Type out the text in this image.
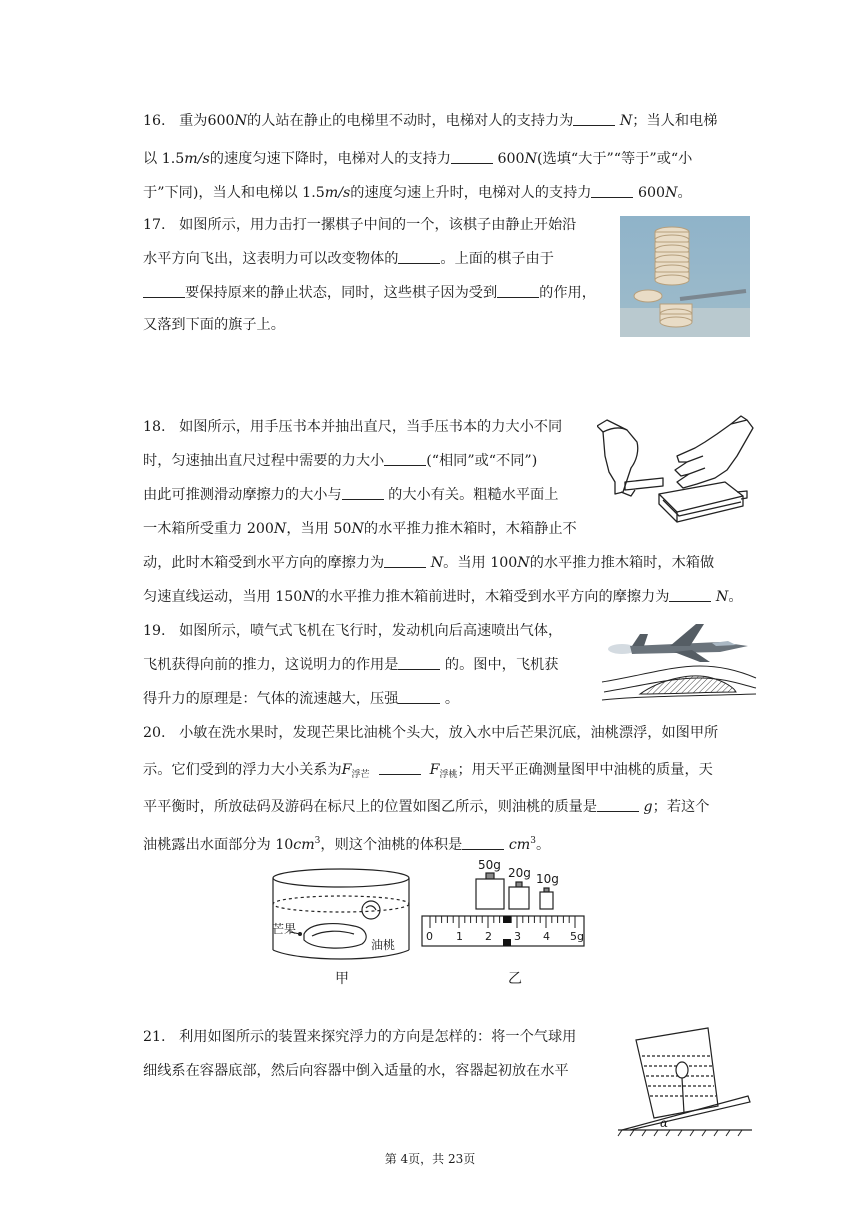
16. 重为600N的人站在静止的电梯里不动时，电梯对人的支持力为	N；当人和电梯
以 1.5m/s的速度匀速下降时，电梯对人的支持力	600N(选填“大于”“等于”或“小
于”下同)，当人和电梯以 1.5m/s的速度匀速上升时，电梯对人的支持力	600N。
17. 如图所示，用力击打一摞棋子中间的一个，该棋子由静止开始沿
水平方向飞出，这表明力可以改变物体的	。上面的棋子由于
要保持原来的静止状态，同时，这些棋子因为受到	的作用，
又落到下面的旗子上。
18. 如图所示，用手压书本并抽出直尺，当手压书本的力大小不同
时，匀速抽出直尺过程中需要的力大小	(“相同”或“不同”)
由此可推测滑动摩擦力的大小与	的大小有关。粗糙水平面上
一木箱所受重力 200N，当用 50N的水平推力推木箱时，木箱静止不
动，此时木箱受到水平方向的摩擦力为	N。当用 100N的水平推力推木箱时，木箱做
匀速直线运动，当用 150N的水平推力推木箱前进时，木箱受到水平方向的摩擦力为	N。
19. 如图所示，喷气式飞机在飞行时，发动机向后高速喷出气体，
飞机获得向前的推力，这说明力的作用是	的。图中，飞机获
得升力的原理是：气体的流速越大，压强	。
20. 小敏在洗水果时，发现芒果比油桃个头大，放入水中后芒果沉底，油桃漂浮，如图甲所
示。它们受到的浮力大小关系为$F_{浮芒}$	$F_{浮桃}$；用天平正确测量图甲中油桃的质量，天
平平衡时，所放砝码及游码在标尺上的位置如图乙所示，则油桃的质量是	g；若这个
油桃露出水面部分为 $10cm^3$，则这个油桃的体积是	$cm^3$。
芒果
油桃
甲
50g
20g 10g
0 1 2 3 4 5g
乙
21. 利用如图所示的装置来探究浮力的方向是怎样的：将一个气球用
细线系在容器底部，然后向容器中倒入适量的水，容器起初放在水平
α
第 4页，共 23页
